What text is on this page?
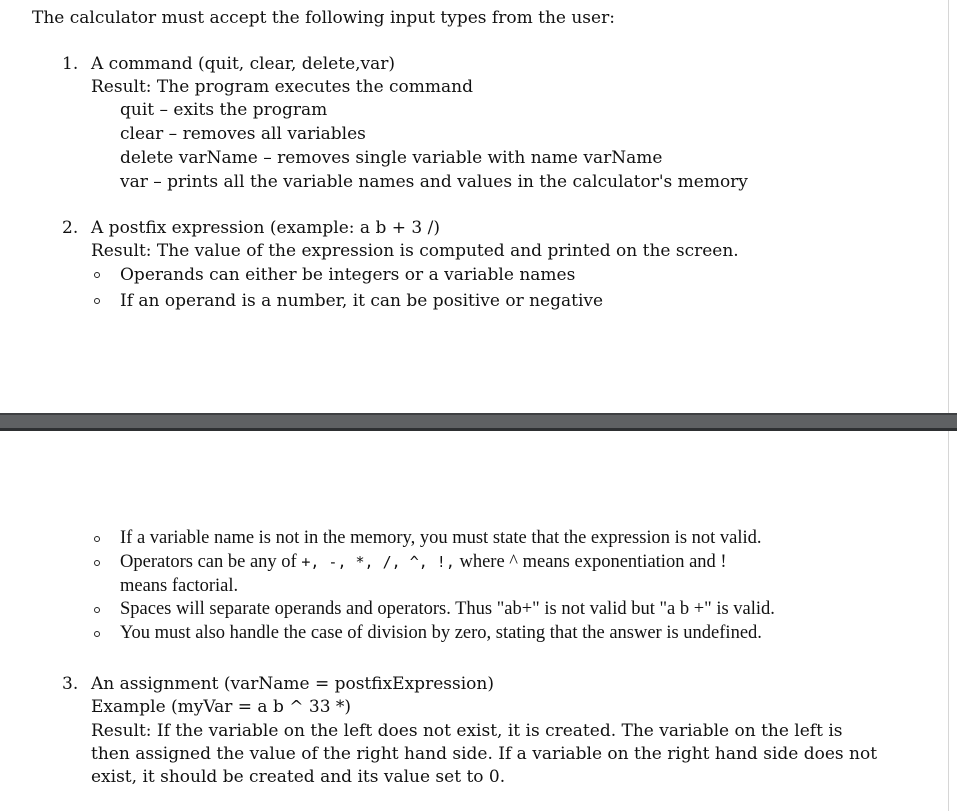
The calculator must accept the following input types from the user:
1. A command (quit, clear, delete,var)
Result: The program executes the command
quit – exits the program
clear – removes all variables
delete varName – removes single variable with name varName
var – prints all the variable names and values in the calculator's memory
2. A postfix expression (example: a b + 3 /)
Result: The value of the expression is computed and printed on the screen.
Operands can either be integers or a variable names
If an operand is a number, it can be positive or negative
If a variable name is not in the memory, you must state that the expression is not valid.
Operators can be any of +, -, *, /, ^, !, where ^ means exponentiation and !
means factorial.
Spaces will separate operands and operators. Thus "ab+" is not valid but "a b +" is valid.
You must also handle the case of division by zero, stating that the answer is undefined.
3. An assignment (varName = postfixExpression)
Example (myVar = a b ^ 33 *)
Result: If the variable on the left does not exist, it is created. The variable on the left is
then assigned the value of the right hand side. If a variable on the right hand side does not
exist, it should be created and its value set to 0.
